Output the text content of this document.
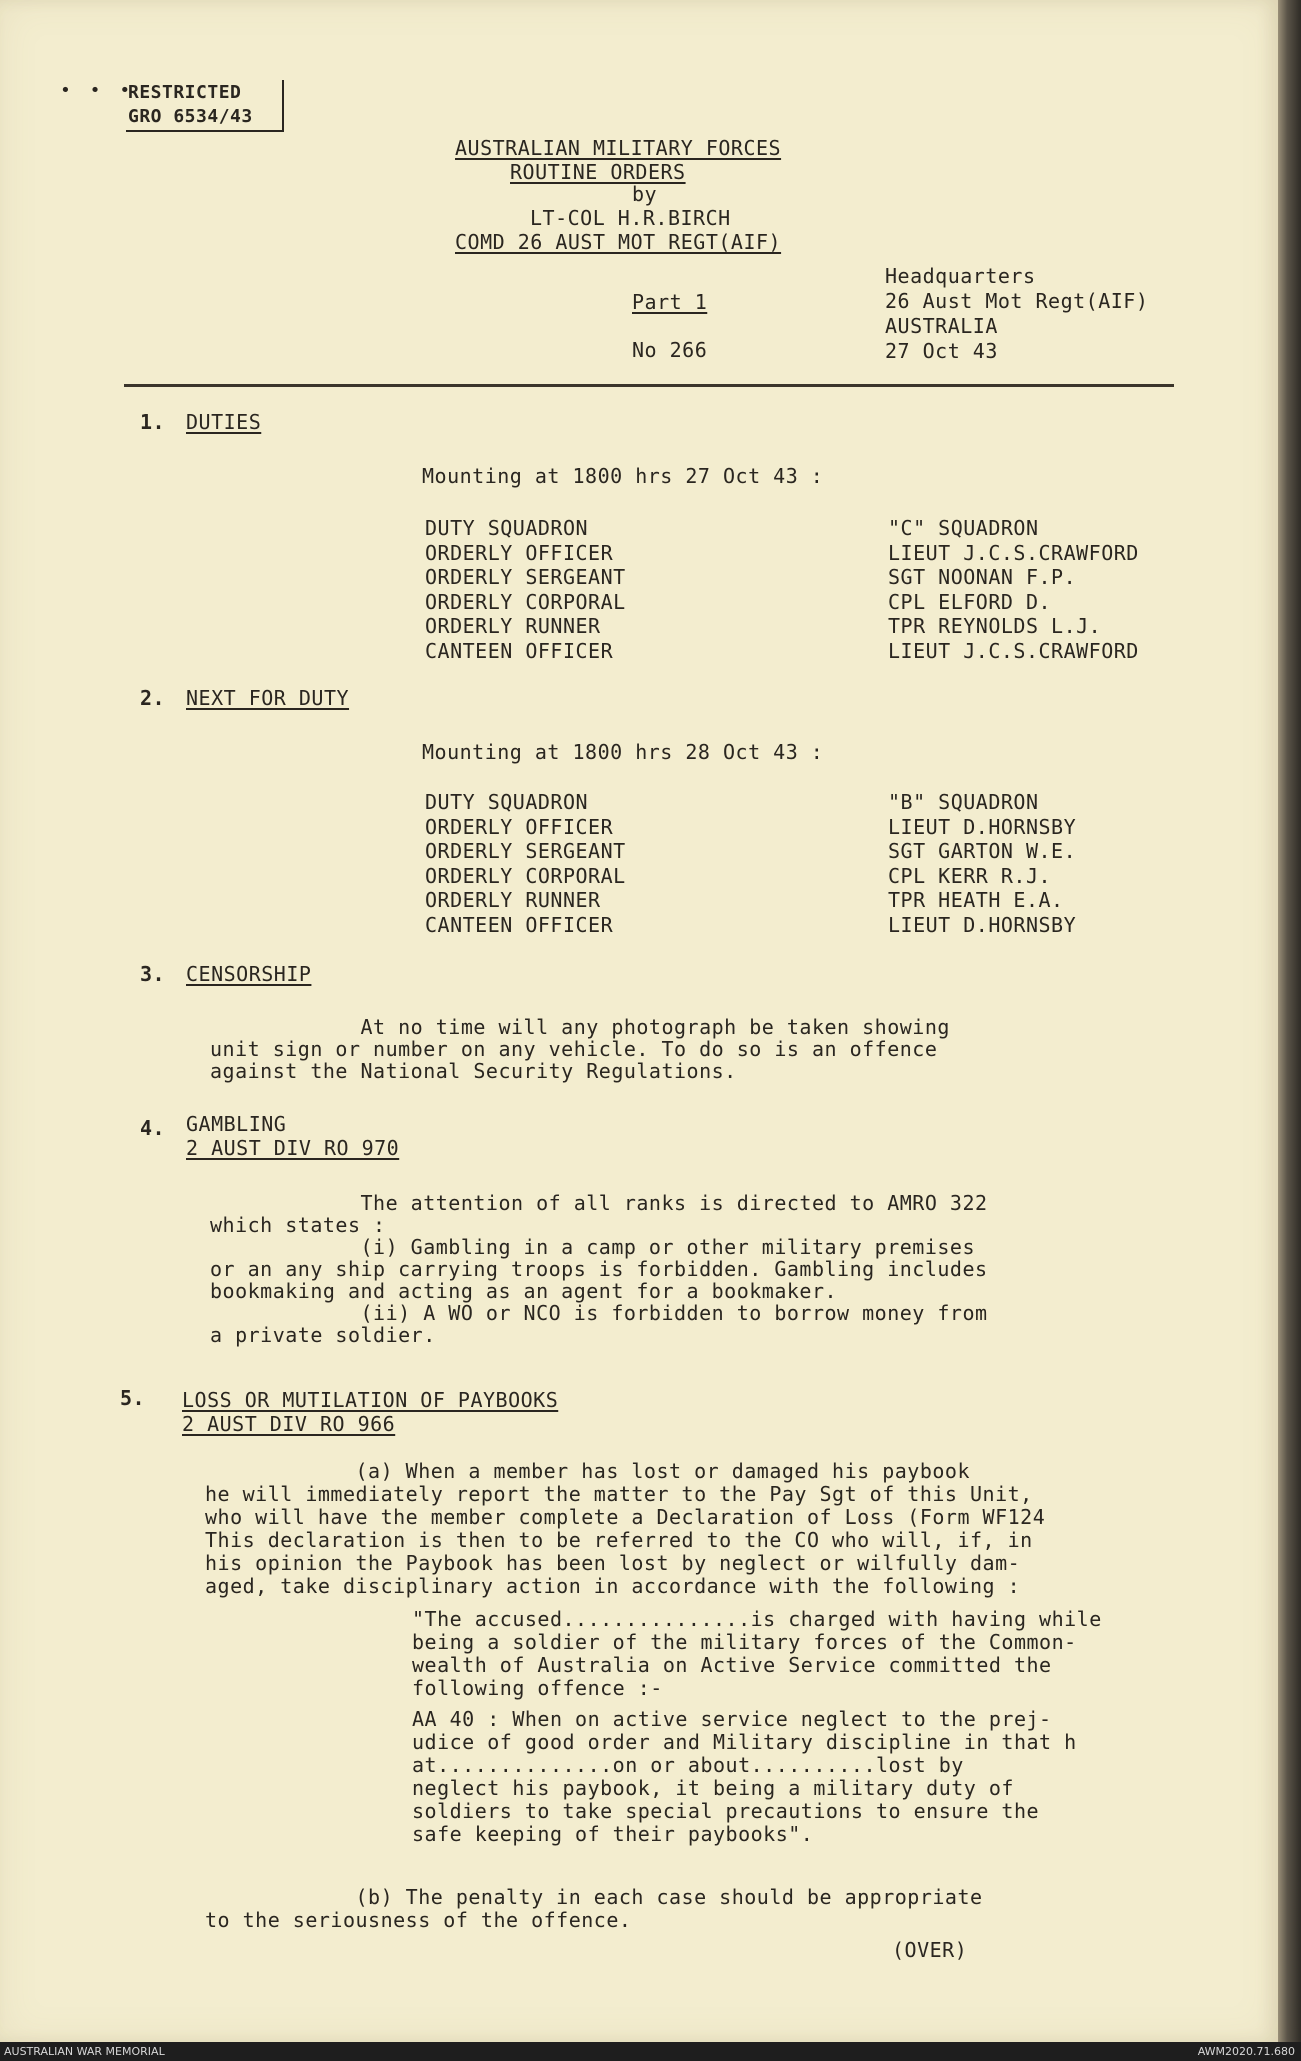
• • •
RESTRICTED
GRO 6534/43
AUSTRALIAN MILITARY FORCES
ROUTINE ORDERS
by
LT-COL H.R.BIRCH
COMD 26 AUST MOT REGT(AIF)
Part 1
No 266
Headquarters
26 Aust Mot Regt(AIF)
AUSTRALIA
27 Oct 43
1. DUTIES
Mounting at 1800 hrs 27 Oct 43 :
DUTY SQUADRON
ORDERLY OFFICER
ORDERLY SERGEANT
ORDERLY CORPORAL
ORDERLY RUNNER
CANTEEN OFFICER
"C" SQUADRON
LIEUT J.C.S.CRAWFORD
SGT NOONAN F.P.
CPL ELFORD D.
TPR REYNOLDS L.J.
LIEUT J.C.S.CRAWFORD
2. NEXT FOR DUTY
Mounting at 1800 hrs 28 Oct 43 :
DUTY SQUADRON
ORDERLY OFFICER
ORDERLY SERGEANT
ORDERLY CORPORAL
ORDERLY RUNNER
CANTEEN OFFICER
"B" SQUADRON
LIEUT D.HORNSBY
SGT GARTON W.E.
CPL KERR R.J.
TPR HEATH E.A.
LIEUT D.HORNSBY
3. CENSORSHIP
At no time will any photograph be taken showing
unit sign or number on any vehicle. To do so is an offence
against the National Security Regulations.
4. GAMBLING
2 AUST DIV RO 970
The attention of all ranks is directed to AMRO 322
which states :
(i) Gambling in a camp or other military premises
or an any ship carrying troops is forbidden. Gambling includes
bookmaking and acting as an agent for a bookmaker.
(ii) A WO or NCO is forbidden to borrow money from
a private soldier.
5. LOSS OR MUTILATION OF PAYBOOKS
2 AUST DIV RO 966
(a) When a member has lost or damaged his paybook
he will immediately report the matter to the Pay Sgt of this Unit,
who will have the member complete a Declaration of Loss (Form WF124
This declaration is then to be referred to the CO who will, if, in
his opinion the Paybook has been lost by neglect or wilfully dam-
aged, take disciplinary action in accordance with the following :
"The accused...............is charged with having while
being a soldier of the military forces of the Common-
wealth of Australia on Active Service committed the
following offence :-
AA 40 : When on active service neglect to the prej-
udice of good order and Military discipline in that h
at..............on or about..........lost by
neglect his paybook, it being a military duty of
soldiers to take special precautions to ensure the
safe keeping of their paybooks".
(b) The penalty in each case should be appropriate
to the seriousness of the offence.
(OVER)
AUSTRALIAN WAR MEMORIAL	AWM2020.71.680
